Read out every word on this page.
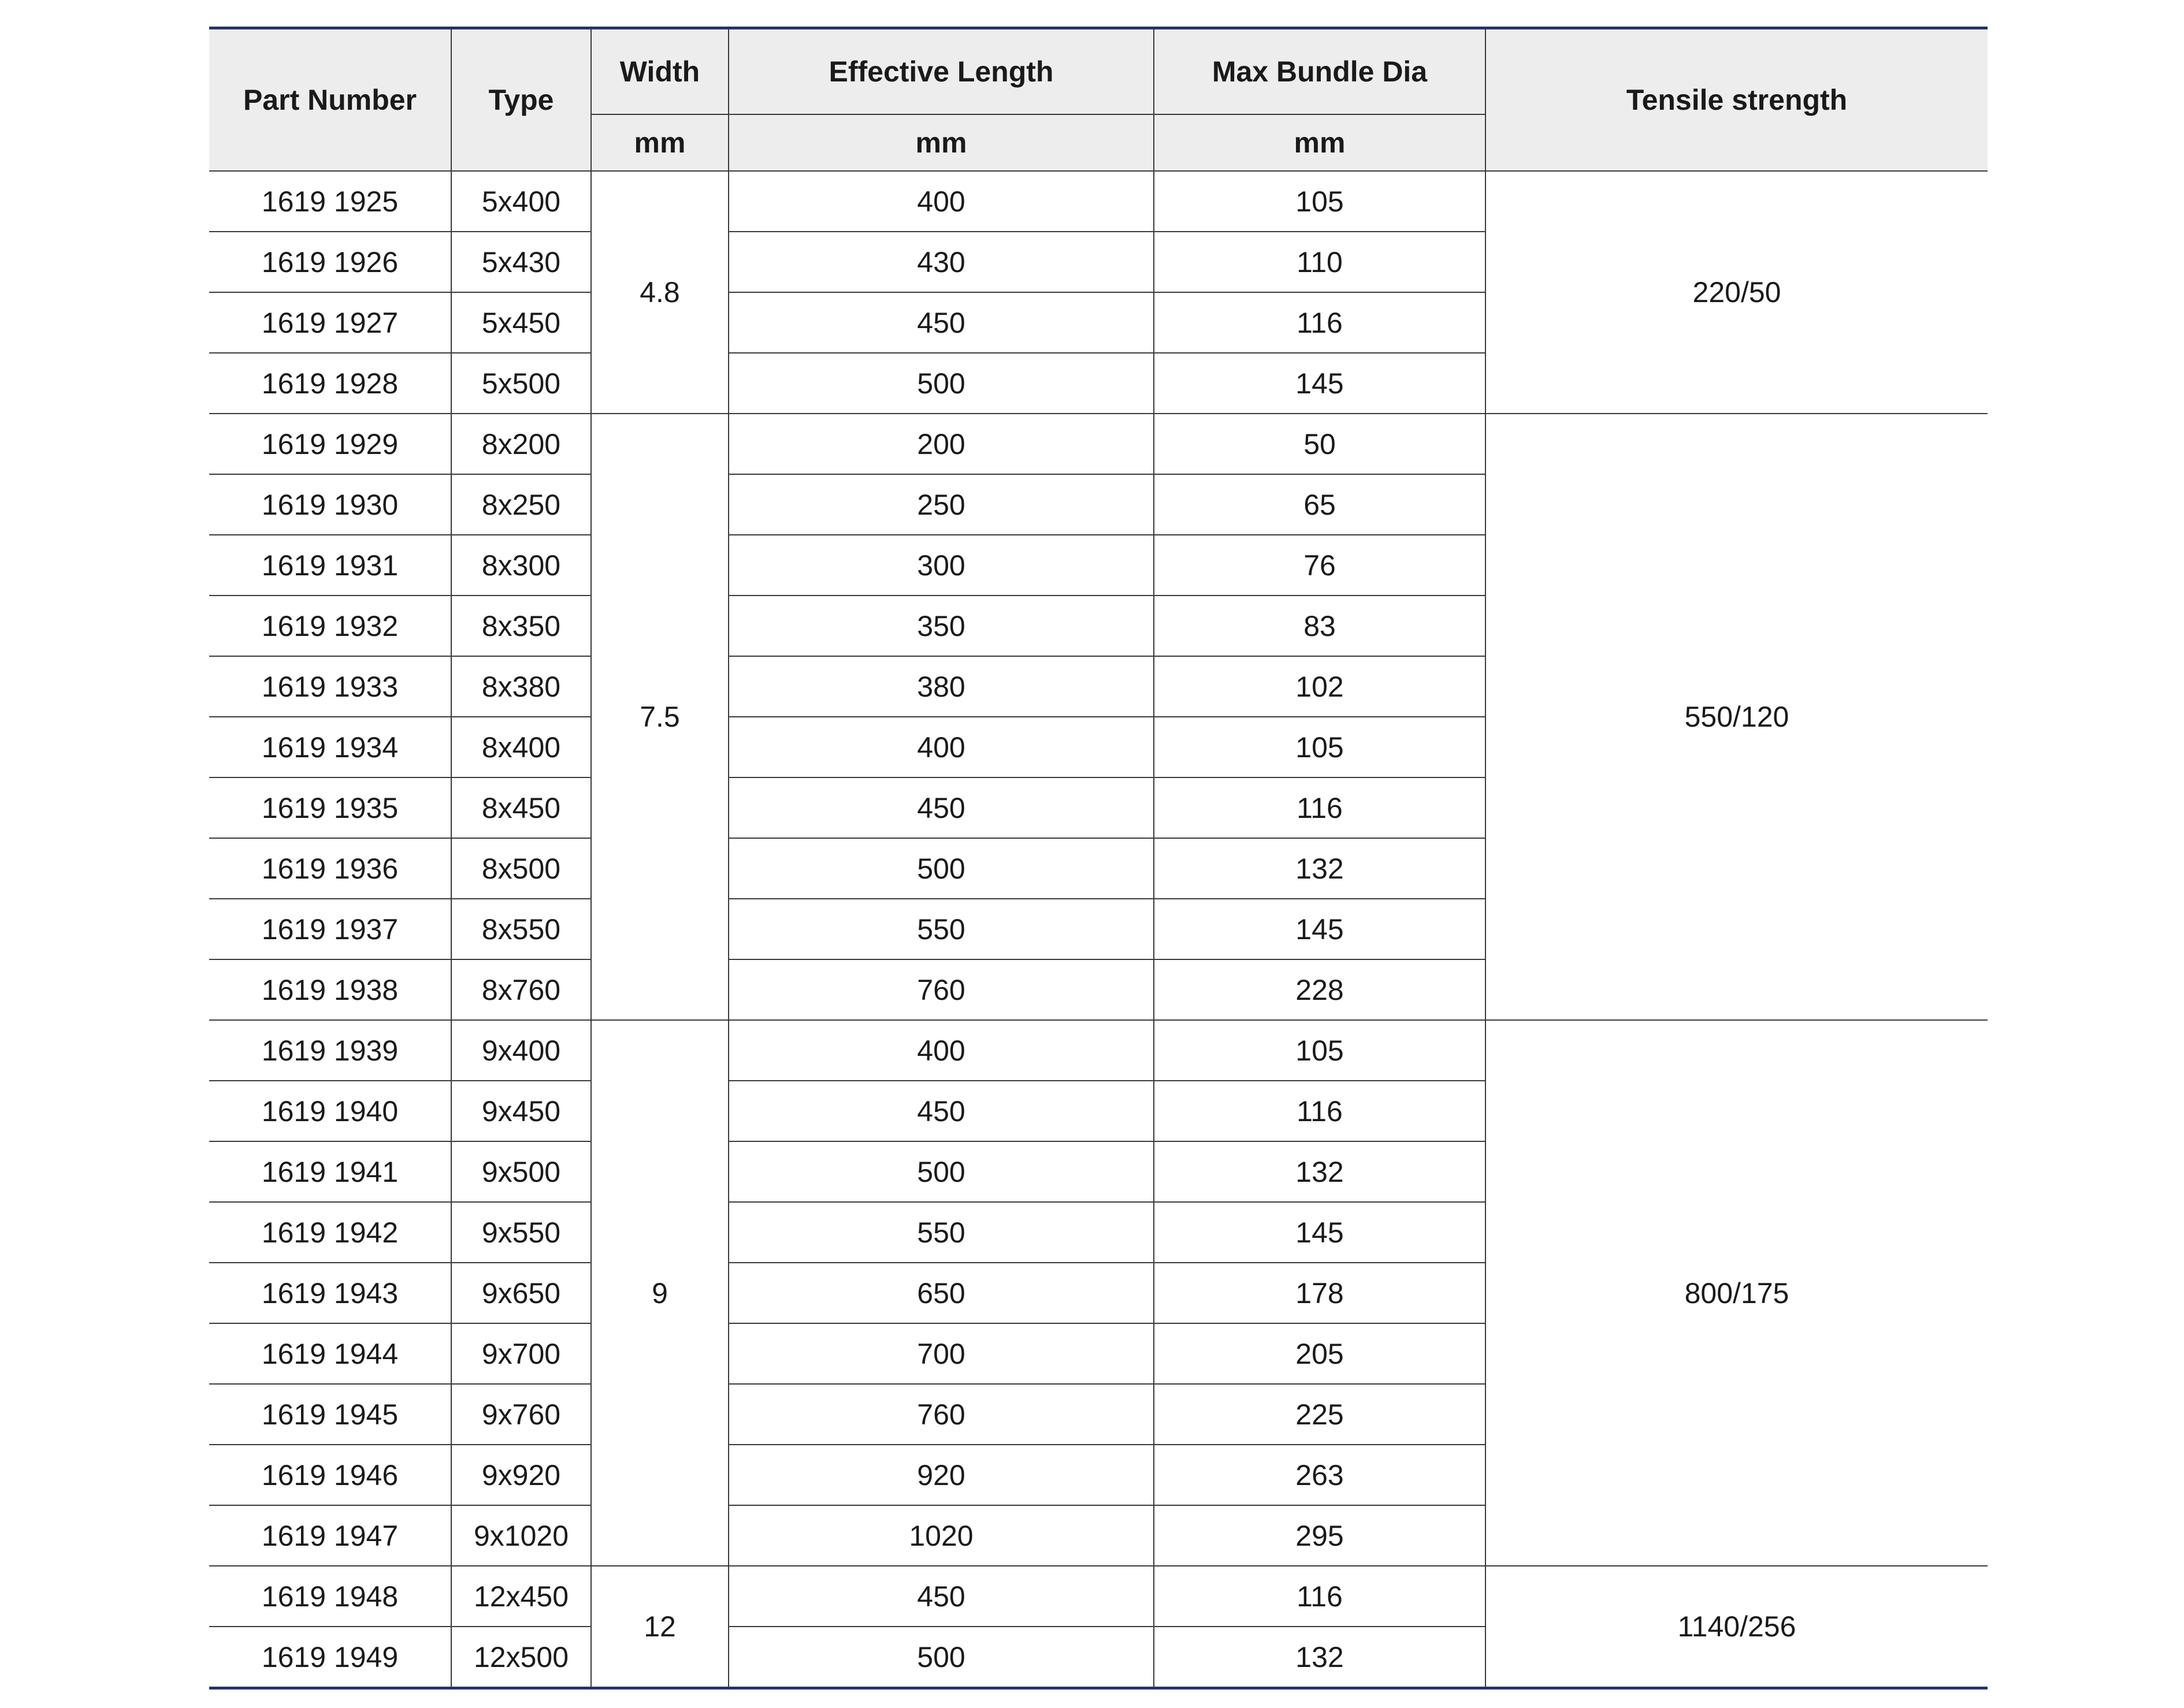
Part Number	Type	Width	Effective Length	Max Bundle Dia	Tensile strength
		mm	mm	mm	
1619 1925	5x400	4.8	400	105	220/50
1619 1926	5x430		430	110	
1619 1927	5x450		450	116	
1619 1928	5x500		500	145	
1619 1929	8x200	7.5	200	50	550/120
1619 1930	8x250		250	65	
1619 1931	8x300		300	76	
1619 1932	8x350		350	83	
1619 1933	8x380		380	102	
1619 1934	8x400		400	105	
1619 1935	8x450		450	116	
1619 1936	8x500		500	132	
1619 1937	8x550		550	145	
1619 1938	8x760		760	228	
1619 1939	9x400	9	400	105	800/175
1619 1940	9x450		450	116	
1619 1941	9x500		500	132	
1619 1942	9x550		550	145	
1619 1943	9x650		650	178	
1619 1944	9x700		700	205	
1619 1945	9x760		760	225	
1619 1946	9x920		920	263	
1619 1947	9x1020		1020	295	
1619 1948	12x450	12	450	116	1140/256
1619 1949	12x500		500	132	
